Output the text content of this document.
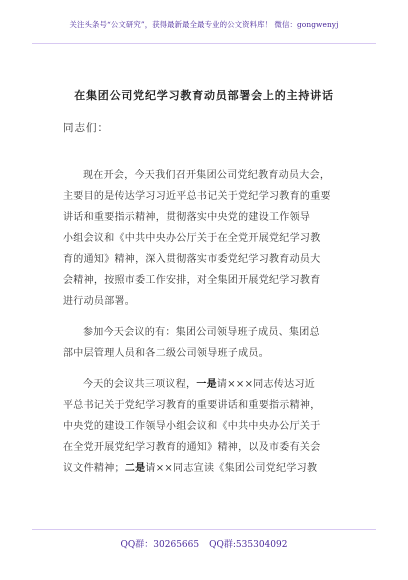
关注头条号“公文研究”，获得最新最全最专业的公文资料库！ 微信：gongwenyj
在集团公司党纪学习教育动员部署会上的主持讲话
同志们：
现在开会，今天我们召开集团公司党纪教育动员大会，
主要目的是传达学习习近平总书记关于党纪学习教育的重要
讲话和重要指示精神，贯彻落实中央党的建设工作领导
小组会议和《中共中央办公厅关于在全党开展党纪学习教
育的通知》精神，深入贯彻落实市委党纪学习教育动员大
会精神，按照市委工作安排，对全集团开展党纪学习教育
进行动员部署。
参加今天会议的有：集团公司领导班子成员、集团总
部中层管理人员和各二级公司领导班子成员。
今天的会议共三项议程，一是请×××同志传达习近
平总书记关于党纪学习教育的重要讲话和重要指示精神，
中央党的建设工作领导小组会议和《中共中央办公厅关于
在全党开展党纪学习教育的通知》精神，以及市委有关会
议文件精神；二是请××同志宣读《集团公司党纪学习教
QQ群：30265665 QQ群:535304092
